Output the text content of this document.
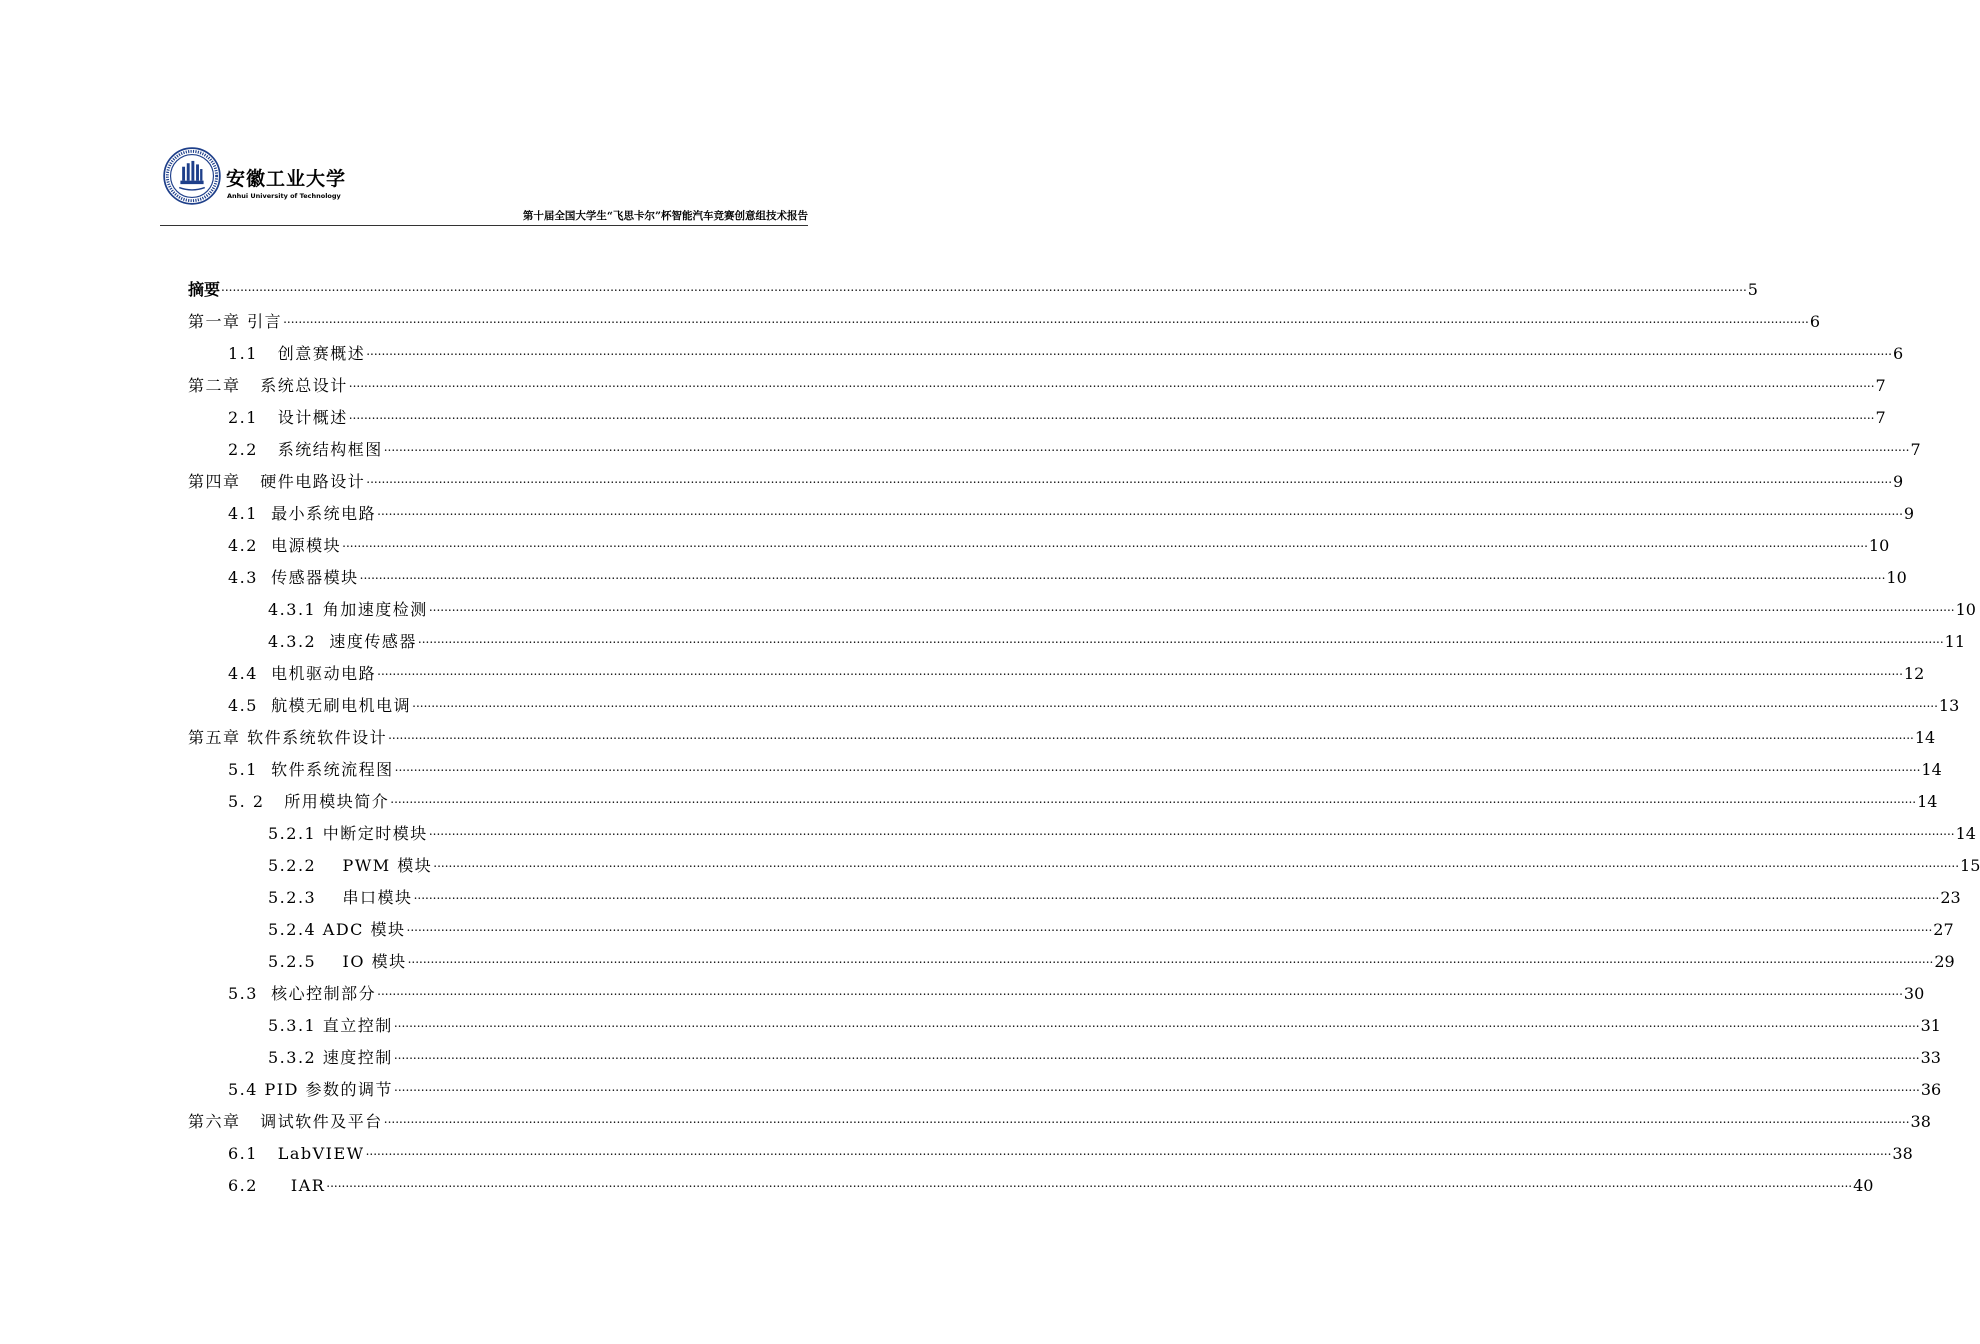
安徽工业大学
Anhui University of Technology
第十届全国大学生“飞思卡尔”杯智能汽车竞赛创意组技术报告
摘要 ................................................................................................................................................................................................................................................................................................................................................................................................................ 5
第一章 引言 ................................................................................................................................................................................................................................................................................................................................................................................................................ 6
1.1   创意赛概述 ................................................................................................................................................................................................................................................................................................................................................................................................................ 6
第二章   系统总设计 ................................................................................................................................................................................................................................................................................................................................................................................................................ 7
2.1   设计概述 ................................................................................................................................................................................................................................................................................................................................................................................................................ 7
2.2   系统结构框图 ................................................................................................................................................................................................................................................................................................................................................................................................................ 7
第四章   硬件电路设计 ................................................................................................................................................................................................................................................................................................................................................................................................................ 9
4.1  最小系统电路 ................................................................................................................................................................................................................................................................................................................................................................................................................ 9
4.2  电源模块 ................................................................................................................................................................................................................................................................................................................................................................................................................ 10
4.3  传感器模块 ................................................................................................................................................................................................................................................................................................................................................................................................................ 10
4.3.1 角加速度检测 ................................................................................................................................................................................................................................................................................................................................................................................................................ 10
4.3.2  速度传感器 ................................................................................................................................................................................................................................................................................................................................................................................................................ 11
4.4  电机驱动电路 ................................................................................................................................................................................................................................................................................................................................................................................................................ 12
4.5  航模无刷电机电调 ................................................................................................................................................................................................................................................................................................................................................................................................................ 13
第五章 软件系统软件设计 ................................................................................................................................................................................................................................................................................................................................................................................................................ 14
5.1  软件系统流程图 ................................................................................................................................................................................................................................................................................................................................................................................................................ 14
5. 2   所用模块简介 ................................................................................................................................................................................................................................................................................................................................................................................................................ 14
5.2.1 中断定时模块 ................................................................................................................................................................................................................................................................................................................................................................................................................ 14
5.2.2    PWM 模块 ................................................................................................................................................................................................................................................................................................................................................................................................................ 15
5.2.3    串口模块 ................................................................................................................................................................................................................................................................................................................................................................................................................ 23
5.2.4 ADC 模块 ................................................................................................................................................................................................................................................................................................................................................................................................................ 27
5.2.5    IO 模块 ................................................................................................................................................................................................................................................................................................................................................................................................................ 29
5.3  核心控制部分 ................................................................................................................................................................................................................................................................................................................................................................................................................ 30
5.3.1 直立控制 ................................................................................................................................................................................................................................................................................................................................................................................................................ 31
5.3.2 速度控制 ................................................................................................................................................................................................................................................................................................................................................................................................................ 33
5.4 PID 参数的调节 ................................................................................................................................................................................................................................................................................................................................................................................................................ 36
第六章   调试软件及平台 ................................................................................................................................................................................................................................................................................................................................................................................................................ 38
6.1   LabVIEW ................................................................................................................................................................................................................................................................................................................................................................................................................ 38
6.2     IAR ................................................................................................................................................................................................................................................................................................................................................................................................................ 40
